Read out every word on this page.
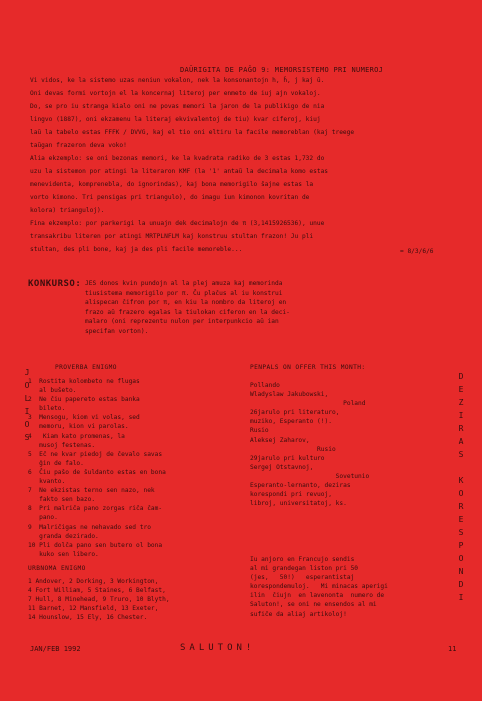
DAŬRIGITA DE PAĜO 9: MEMORSISTEMO PRI NUMEROJ
Vi vidos, ke la sistemo uzas neniun vokalon, nek la konsonantojn h, ĥ, j kaj ŭ.
Oni devas formi vortojn el la koncernaj literoj per enmeto de iuj ajn vokaloj.
Do, se pro iu stranga kialo oni ne povas memori la jaron de la publikigo de nia
lingvo (1887), oni ekzamenu la literaj ekvivalentoj de tiu) kvar ciferoj, kiuj
laŭ la tabelo estas FFFK / DVVG, kaj el tio oni eltiru la facile memoreblan (kaj treege
taŭgan frazeron deva voko!
Alia ekzemplo: se oni bezonas memori, ke la kvadrata radiko de 3 estas 1,732 do
uzu la sistemon por atingi la literaron KMF (la '1' antaŭ la decimala komo estas
menevidenta, komprenebla, do ignorindas), kaj bona memorigilo ŝajne estas la
vorto kimono. Tri pensigas pri triangulo), do imagu iun kimonon kovritan de
kolora) trianguloj).
Fina ekzemplo: por parkerigi la unuajn dek decimalojn de π (3,1415926536), unue
transakribu literen por atingi MRTPLNFLM kaj konstruu stultan frazon! Ju pli
stultan, des pli bone, kaj ja des pli facile memoreble...	= 8/3/6/6
KONKURSO: JES donos kvin pundojn al la plej amuza kaj memorinda
tiusistema memorigilo por π. Ĉu plaĉus al iu konstrui
alispecan ĉifron por π, en kiu la nombro da literoj en
frazo aŭ frazero egalas la tiulokan ciferon en la deci-
malaro (oni reprezentu nulon per interpunkcio aŭ ian
specifan vorton).
J
O
L
I
O
S
PROVERBA ENIGMO
1  Rostita kolombeto ne flugas
al buŝeto.
2  Ne ĉiu papereto estas banka
bileto.
3  Mensogu, kiom vi volas, sed
memoru, kion vi parolas.
4   Kiam kato promenas, la
musoj festenas.
5  Eĉ ne kvar piedoj de ĉevalo savas
ĝin de falo.
6  Ĉiu paŝo de ŝuldanto estas en bona
kvanto.
7  Ne ekzistas terno sen nazo, nek
fakto sen bazo.
8  Pri malriĉa pano zorgas riĉa ĉam-
pano.
9  Malriĉigas ne nehavado sed tro
granda dezirado.
10 Pli dolĉa pano sen butero ol bona
kuko sen libero.
URBNOMA ENIGMO
1 Andover, 2 Dorking, 3 Workington,
4 Fort William, 5 Staines, 6 Belfast,
7 Hull, 8 Minehead, 9 Truro, 10 Blyth,
11 Barnet, 12 Mansfield, 13 Exeter,
14 Hounslow, 15 Ely, 16 Chester.
PENPALS ON OFFER THIS MONTH:
Pollando
Wladyslaw Jakubowski,
Poland
26jarulo pri literaturo,
muziko, Esperanto (!).
Rusio
Aleksej Zaharov,
Rusio
29jarulo pri kulturo
Sergej Otstavnoj,
Sovetunio
Esperanto-lernanto, deziras
korespondi pri revuoj,
libroj, universitatoj, ks.
Iu anjoro en Francujo sendis
al mi grandegan liston pri 50
(jes,   50!)   esperantistaj
korespondemuloj.   Mi minacas aperigi
ilin  ĉiujn  en lavenonta  numero de
Saluton!, se oni ne ensendos al mi
sufiĉe da aliaj artikoloj!
D
E
Z
I
R
A
S

K
O
R
E
S
P
O
N
D
I
JAN/FEB 1992	SALUTON!	11
